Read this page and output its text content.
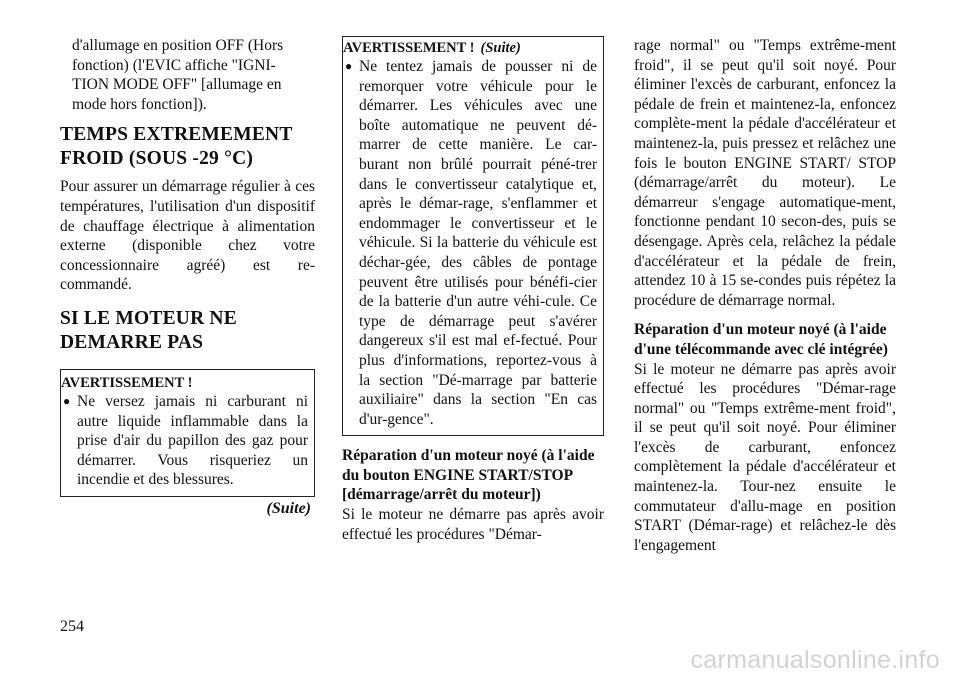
d'allumage en position OFF (Hors

fonction) (l'EVIC affiche "IGNI-

TION MODE OFF" [allumage en

mode hors fonction]).

TEMPS EXTREMEMENT
FROID (SOUS -29 °C)

Pour assurer un démarrage régulier à ces températures, l'utilisation d'un dispositif de chauffage électrique à alimentation externe (disponible chez votre concessionnaire agréé) est re-commandé.

SI LE MOTEUR NE
DEMARRE PAS
AVERTISSEMENT !
● Ne versez jamais ni carburant ni autre liquide inflammable dans la prise d'air du papillon des gaz pour démarrer. Vous risqueriez un incendie et des blessures.
(Suite)
AVERTISSEMENT ! (Suite)
● Ne tentez jamais de pousser ni de remorquer votre véhicule pour le démarrer. Les véhicules avec une boîte automatique ne peuvent dé-marrer de cette manière. Le car-burant non brûlé pourrait péné-trer dans le convertisseur catalytique et, après le démar-rage, s'enflammer et endommager le convertisseur et le véhicule. Si la batterie du véhicule est déchar-gée, des câbles de pontage peuvent être utilisés pour bénéfi-cier de la batterie d'un autre véhi-cule. Ce type de démarrage peut s'avérer dangereux s'il est mal ef-fectué. Pour plus d'informations, reportez-vous à la section "Dé-marrage par batterie auxiliaire" dans la section "En cas d'ur-gence".
Réparation d'un moteur noyé (à l'aide du bouton ENGINE START/STOP [démarrage/arrêt du moteur])

Si le moteur ne démarre pas après avoir effectué les procédures "Démar-

rage normal" ou "Temps extrême-ment froid", il se peut qu'il soit noyé. Pour éliminer l'excès de carburant, enfoncez la pédale de frein et maintenez-la, enfoncez complète-ment la pédale d'accélérateur et maintenez-la, puis pressez et relâchez une fois le bouton ENGINE START/ STOP (démarrage/arrêt du moteur). Le démarreur s'engage automatique-ment, fonctionne pendant 10 secon-des, puis se désengage. Après cela, relâchez la pédale d'accélérateur et la pédale de frein, attendez 10 à 15 se-condes puis répétez la procédure de démarrage normal.

Réparation d'un moteur noyé (à l'aide d'une télécommande avec clé intégrée)

Si le moteur ne démarre pas après avoir effectué les procédures "Démar-rage normal" ou "Temps extrême-ment froid", il se peut qu'il soit noyé. Pour éliminer l'excès de carburant, enfoncez complètement la pédale d'accélérateur et maintenez-la. Tour-nez ensuite le commutateur d'allu-mage en position START (Démar-rage) et relâchez-le dès l'engagement

254
carmanualsonline.info
